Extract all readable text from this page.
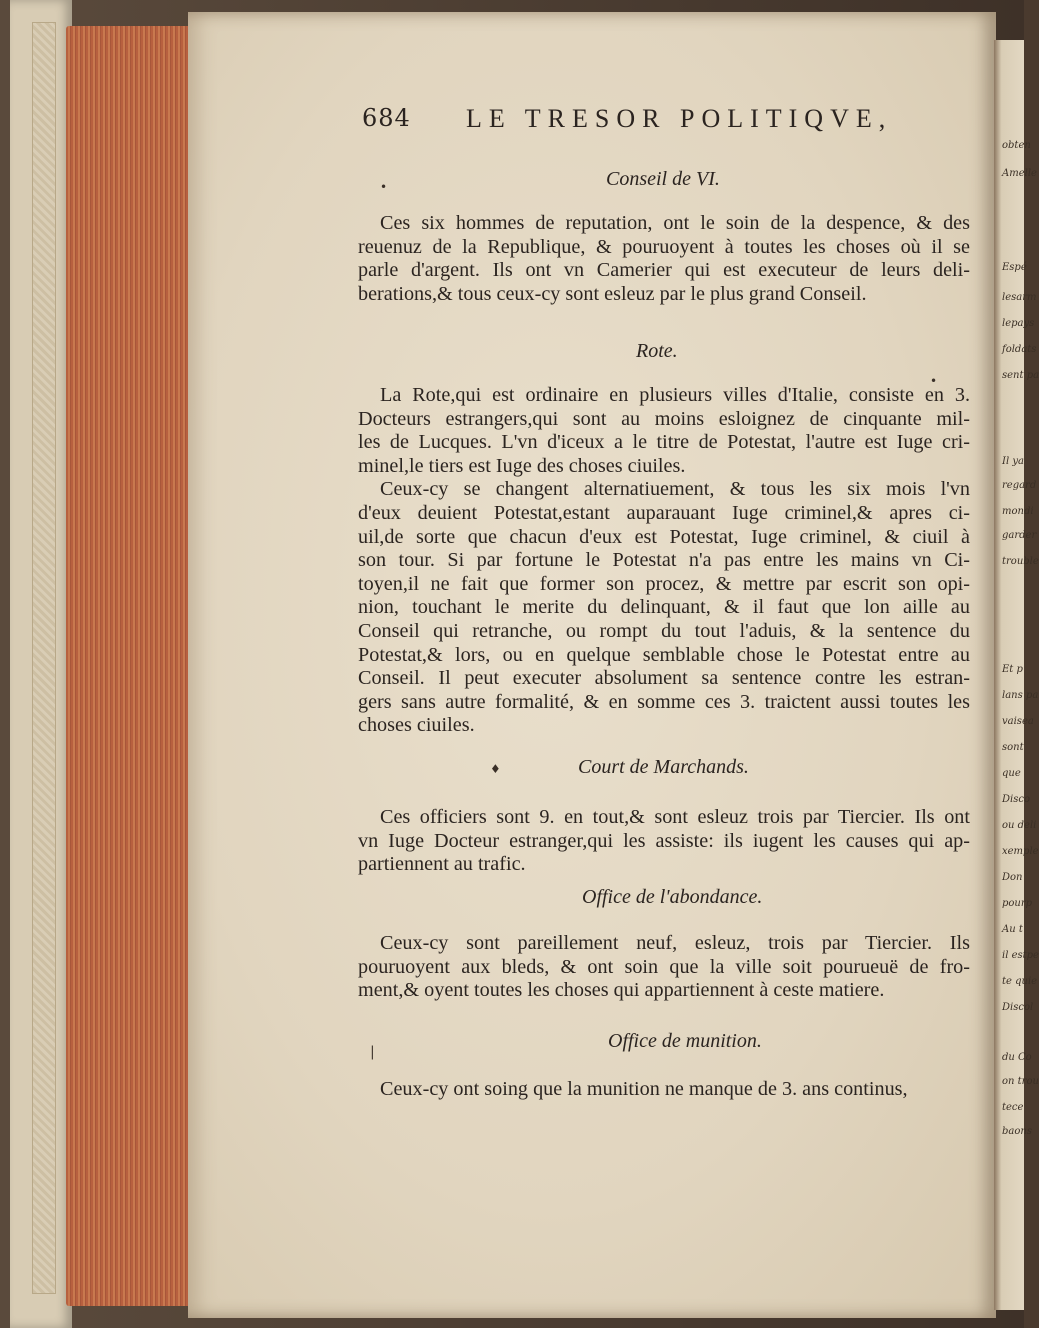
obten
Amelle
Espé
lesarm
lepays
foldats
sent pa
Il ya
regard
mondi
garder
trouble
Et p
lans pa
vaisea
sont
que
Disco
ou deli
xemple
Don
pourp
Au t
il estpe
te quie
Discol
du Co
on trou
tece
baons
684 LE TRESOR POLITIQVE,
Conseil de VI.
•
Ces six hommes de reputation, ont le soin de la despence, & des
reuenuz de la Republique, & pouruoyent à toutes les choses où il se
parle d'argent. Ils ont vn Camerier qui est executeur de leurs deli-
berations,& tous ceux-cy sont esleuz par le plus grand Conseil.
Rote.
•
La Rote,qui est ordinaire en plusieurs villes d'Italie, consiste en 3.
Docteurs estrangers,qui sont au moins esloignez de cinquante mil-
les de Lucques. L'vn d'iceux a le titre de Potestat, l'autre est Iuge cri-
minel,le tiers est Iuge des choses ciuiles.
Ceux-cy se changent alternatiuement, & tous les six mois l'vn
d'eux deuient Potestat,estant auparauant Iuge criminel,& apres ci-
uil,de sorte que chacun d'eux est Potestat, Iuge criminel, & ciuil à
son tour. Si par fortune le Potestat n'a pas entre les mains vn Ci-
toyen,il ne fait que former son procez, & mettre par escrit son opi-
nion, touchant le merite du delinquant, & il faut que lon aille au
Conseil qui retranche, ou rompt du tout l'aduis, & la sentence du
Potestat,& lors, ou en quelque semblable chose le Potestat entre au
Conseil. Il peut executer absolument sa sentence contre les estran-
gers sans autre formalité, & en somme ces 3. traictent aussi toutes les
choses ciuiles.
♦	Court de Marchands.
Ces officiers sont 9. en tout,& sont esleuz trois par Tiercier. Ils ont
vn Iuge Docteur estranger,qui les assiste: ils iugent les causes qui ap-
partiennent au trafic.
Office de l'abondance.
Ceux-cy sont pareillement neuf, esleuz, trois par Tiercier. Ils
pouruoyent aux bleds, & ont soin que la ville soit pourueuë de fro-
ment,& oyent toutes les choses qui appartiennent à ceste matiere.
Office de munition.
|
Ceux-cy ont soing que la munition ne manque de 3. ans continus,
